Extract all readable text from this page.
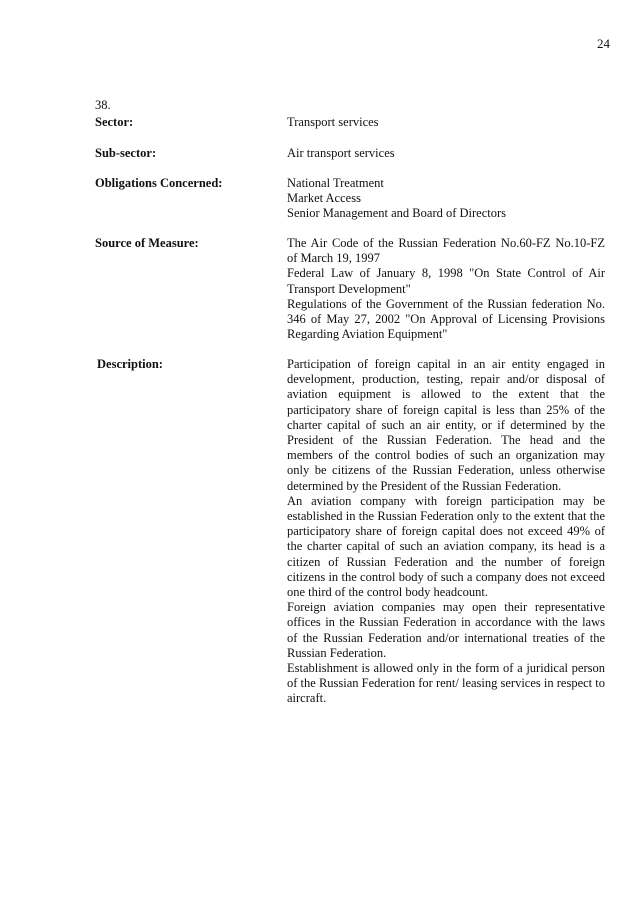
24
38.
Sector:	Transport services
Sub-sector:	Air transport services
Obligations Concerned:	National Treatment
Market Access
Senior Management and Board of Directors
Source of Measure:	The Air Code of the Russian Federation No.60-FZ No.10-FZ of March 19, 1997
Federal Law of January 8, 1998 "On State Control of Air Transport Development"
Regulations of the Government of the Russian federation No. 346 of May 27, 2002 "On Approval of Licensing Provisions Regarding Aviation Equipment"
Description:	Participation of foreign capital in an air entity engaged in development, production, testing, repair and/or disposal of aviation equipment is allowed to the extent that the participatory share of foreign capital is less than 25% of the charter capital of such an air entity, or if determined by the President of the Russian Federation. The head and the members of the control bodies of such an organization may only be citizens of the Russian Federation, unless otherwise determined by the President of the Russian Federation.
An aviation company with foreign participation may be established in the Russian Federation only to the extent that the participatory share of foreign capital does not exceed 49% of the charter capital of such an aviation company, its head is a citizen of Russian Federation and the number of foreign citizens in the control body of such a company does not exceed one third of the control body headcount.
Foreign aviation companies may open their representative offices in the Russian Federation in accordance with the laws of the Russian Federation and/or international treaties of the Russian Federation.
Establishment is allowed only in the form of a juridical person of the Russian Federation for rent/ leasing services in respect to aircraft.
